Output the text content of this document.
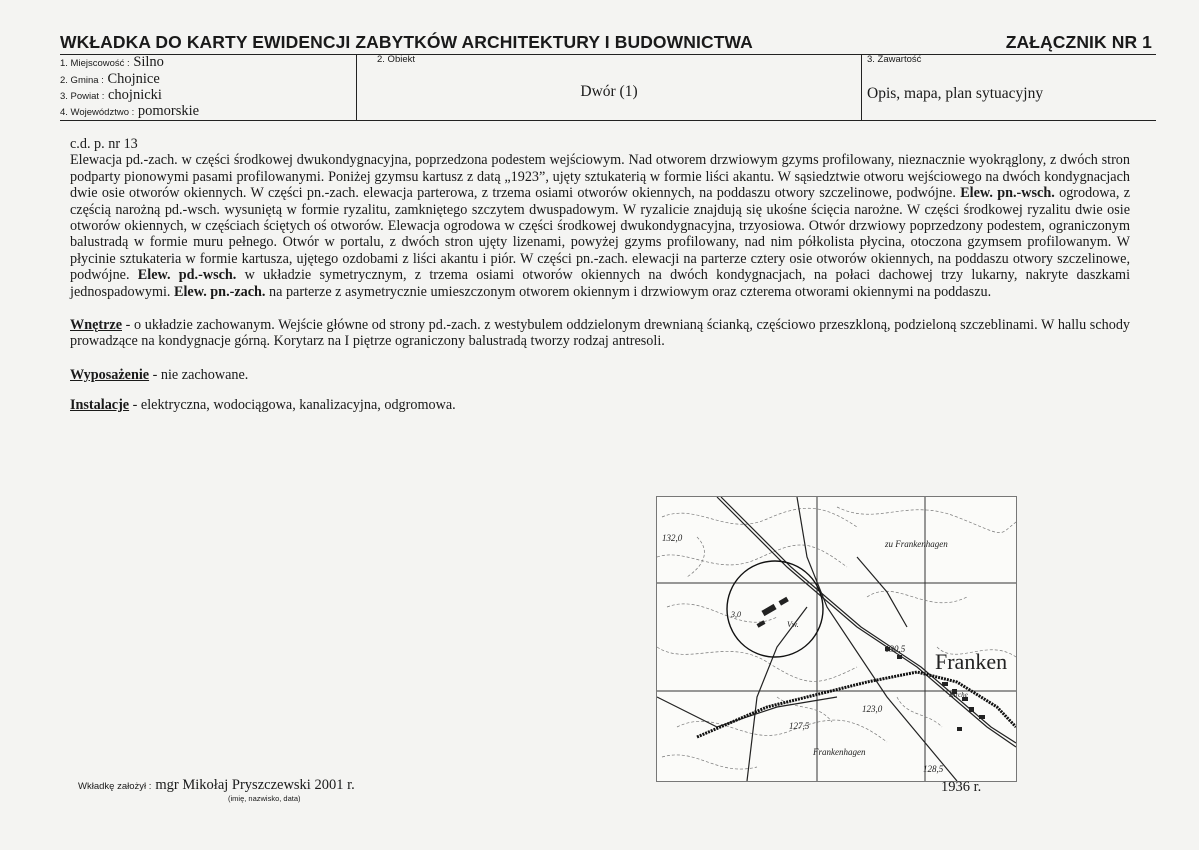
WKŁADKA DO KARTY EWIDENCJI ZABYTKÓW ARCHITEKTURY I BUDOWNICTWA	ZAŁĄCZNIK NR 1
1. Miejscowość : Silno
2. Gmina : Chojnice
3. Powiat : chojnicki
4. Województwo : pomorskie
2. Obiekt
Dwór (1)
3. Zawartość
Opis, mapa, plan sytuacyjny

c.d. p. nr 13

Elewacja pd.-zach. w części środkowej dwukondygnacyjna, poprzedzona podestem wejściowym. Nad otworem drzwiowym gzyms profilowany, nieznacznie wyokrąglony, z dwóch stron podparty pionowymi pasami profilowanymi. Poniżej gzymsu kartusz z datą „1923”, ujęty sztukaterią w formie liści akantu. W sąsiedztwie otworu wejściowego na dwóch kondygnacjach dwie osie otworów okiennych. W części pn.-zach. elewacja parterowa, z trzema osiami otworów okiennych, na poddaszu otwory szczelinowe, podwójne. Elew. pn.-wsch. ogrodowa, z częścią narożną pd.-wsch. wysuniętą w formie ryzalitu, zamkniętego szczytem dwuspadowym. W ryzalicie znajdują się ukośne ścięcia narożne. W części środkowej ryzalitu dwie osie otworów okiennych, w częściach ściętych oś otworów. Elewacja ogrodowa w części środkowej dwukondygnacyjna, trzyosiowa. Otwór drzwiowy poprzedzony podestem, ograniczonym balustradą w formie muru pełnego. Otwór w portalu, z dwóch stron ujęty lizenami, powyżej gzyms profilowany, nad nim półkolista płycina, otoczona gzymsem profilowanym. W płycinie sztukateria w formie kartusza, ujętego ozdobami z liści akantu i piór. W części pn.-zach. elewacji na parterze cztery osie otworów okiennych, na poddaszu otwory szczelinowe, podwójne. Elew. pd.-wsch. w układzie symetrycznym, z trzema osiami otworów okiennych na dwóch kondygnacjach, na połaci dachowej trzy lukarny, nakryte daszkami jednospadowymi. Elew. pn.-zach. na parterze z asymetrycznie umieszczonym otworem okiennym i drzwiowym oraz czterema otworami okiennymi na poddaszu.

Wnętrze - o układzie zachowanym. Wejście główne od strony pd.-zach. z westybulem oddzielonym drewnianą ścianką, częściowo przeszkloną, podzieloną szczeblinami. W hallu schody prowadzące na kondygnacje górną. Korytarz na I piętrze ograniczony balustradą tworzy rodzaj antresoli.

Wyposażenie - nie zachowane.

Instalacje - elektryczna, wodociągowa, kanalizacyjna, odgromowa.

132,0
zu Frankenhagen
3,0
Vw.
130,5 Franken
Kirche
123,0
127,5
Frankenhagen
128,5
1936 r.
Wkładkę założył : mgr Mikołaj Pryszczewski 2001 r.
(imię, nazwisko, data)
